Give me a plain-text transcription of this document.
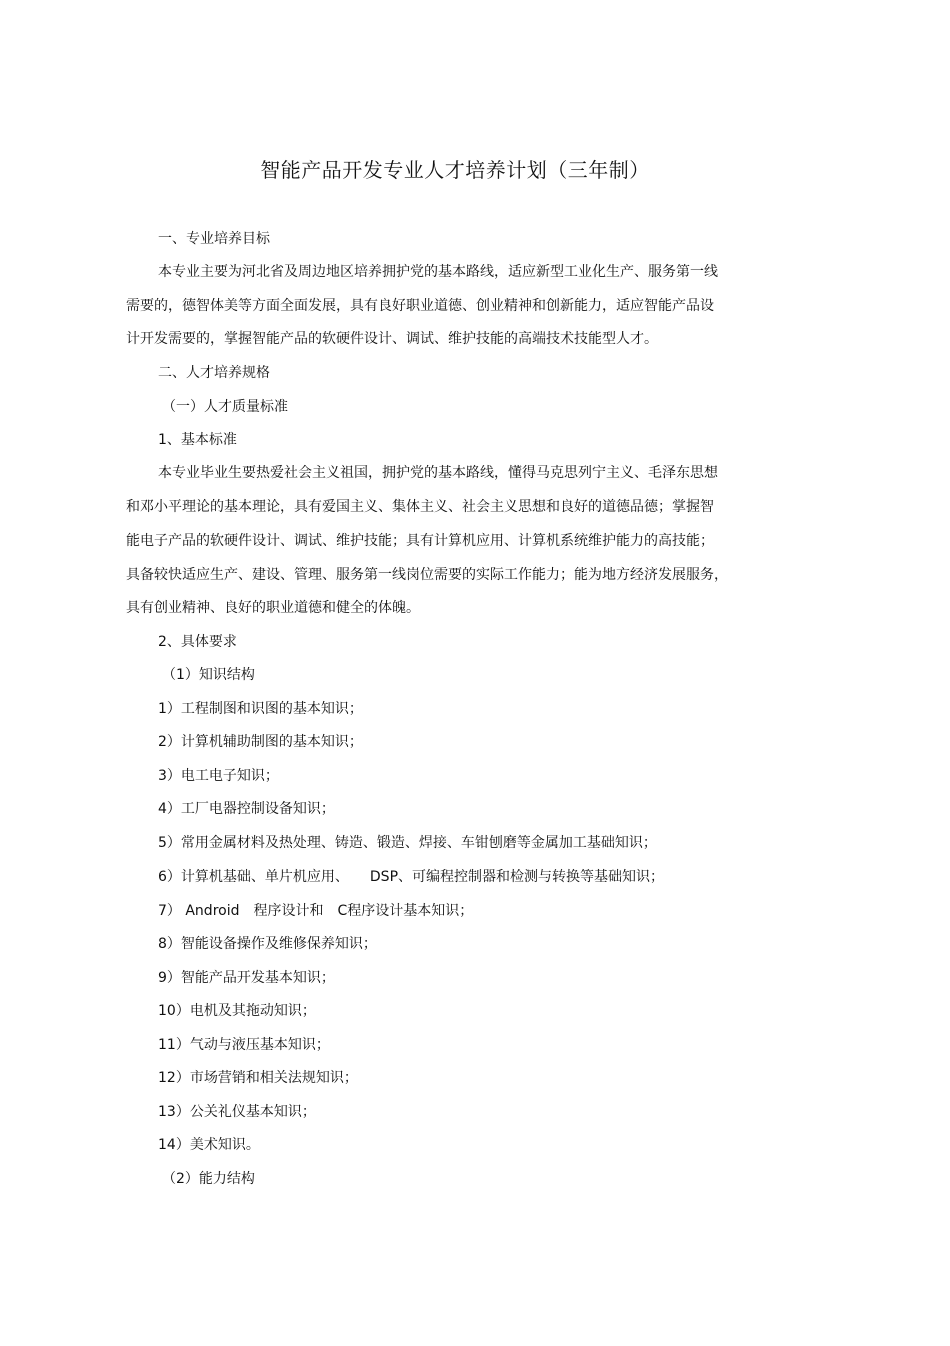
智能产品开发专业人才培养计划（三年制）
一、专业培养目标
本专业主要为河北省及周边地区培养拥护党的基本路线，适应新型工业化生产、服务第一线
需要的，德智体美等方面全面发展，具有良好职业道德、创业精神和创新能力，适应智能产品设
计开发需要的，掌握智能产品的软硬件设计、调试、维护技能的高端技术技能型人才。
二、人才培养规格
（一）人才质量标准
1、基本标准
本专业毕业生要热爱社会主义祖国，拥护党的基本路线，懂得马克思列宁主义、毛泽东思想
和邓小平理论的基本理论，具有爱国主义、集体主义、社会主义思想和良好的道德品德；掌握智
能电子产品的软硬件设计、调试、维护技能；具有计算机应用、计算机系统维护能力的高技能；
具备较快适应生产、建设、管理、服务第一线岗位需要的实际工作能力；能为地方经济发展服务，
具有创业精神、良好的职业道德和健全的体魄。
2、具体要求
（1）知识结构
1）工程制图和识图的基本知识；
2）计算机辅助制图的基本知识；
3）电工电子知识；
4）工厂电器控制设备知识；
5）常用金属材料及热处理、铸造、锻造、焊接、车钳刨磨等金属加工基础知识；
6）计算机基础、单片机应用、　　DSP、可编程控制器和检测与转换等基础知识；
7） Android　程序设计和　C程序设计基本知识；
8）智能设备操作及维修保养知识；
9）智能产品开发基本知识；
10）电机及其拖动知识；
11）气动与液压基本知识；
12）市场营销和相关法规知识；
13）公关礼仪基本知识；
14）美术知识。
（2）能力结构
